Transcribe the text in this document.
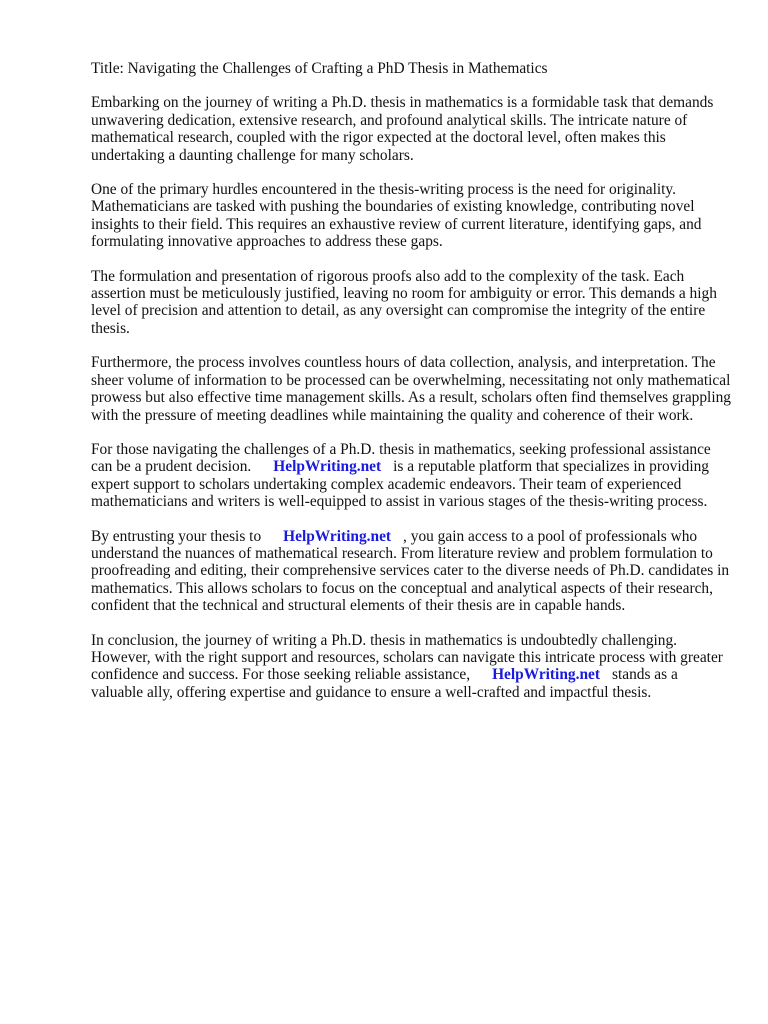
Title: Navigating the Challenges of Crafting a PhD Thesis in Mathematics

Embarking on the journey of writing a Ph.D. thesis in mathematics is a formidable task that demands unwavering dedication, extensive research, and profound analytical skills. The intricate nature of mathematical research, coupled with the rigor expected at the doctoral level, often makes this undertaking a daunting challenge for many scholars.

One of the primary hurdles encountered in the thesis-writing process is the need for originality. Mathematicians are tasked with pushing the boundaries of existing knowledge, contributing novel insights to their field. This requires an exhaustive review of current literature, identifying gaps, and formulating innovative approaches to address these gaps.

The formulation and presentation of rigorous proofs also add to the complexity of the task. Each assertion must be meticulously justified, leaving no room for ambiguity or error. This demands a high level of precision and attention to detail, as any oversight can compromise the integrity of the entire thesis.

Furthermore, the process involves countless hours of data collection, analysis, and interpretation. The sheer volume of information to be processed can be overwhelming, necessitating not only mathematical prowess but also effective time management skills. As a result, scholars often find themselves grappling with the pressure of meeting deadlines while maintaining the quality and coherence of their work.

For those navigating the challenges of a Ph.D. thesis in mathematics, seeking professional assistance can be a prudent decision. HelpWriting.net is a reputable platform that specializes in providing expert support to scholars undertaking complex academic endeavors. Their team of experienced mathematicians and writers is well-equipped to assist in various stages of the thesis-writing process.

By entrusting your thesis to HelpWriting.net , you gain access to a pool of professionals who understand the nuances of mathematical research. From literature review and problem formulation to proofreading and editing, their comprehensive services cater to the diverse needs of Ph.D. candidates in mathematics. This allows scholars to focus on the conceptual and analytical aspects of their research, confident that the technical and structural elements of their thesis are in capable hands.

In conclusion, the journey of writing a Ph.D. thesis in mathematics is undoubtedly challenging. However, with the right support and resources, scholars can navigate this intricate process with greater confidence and success. For those seeking reliable assistance, HelpWriting.net stands as a valuable ally, offering expertise and guidance to ensure a well-crafted and impactful thesis.
